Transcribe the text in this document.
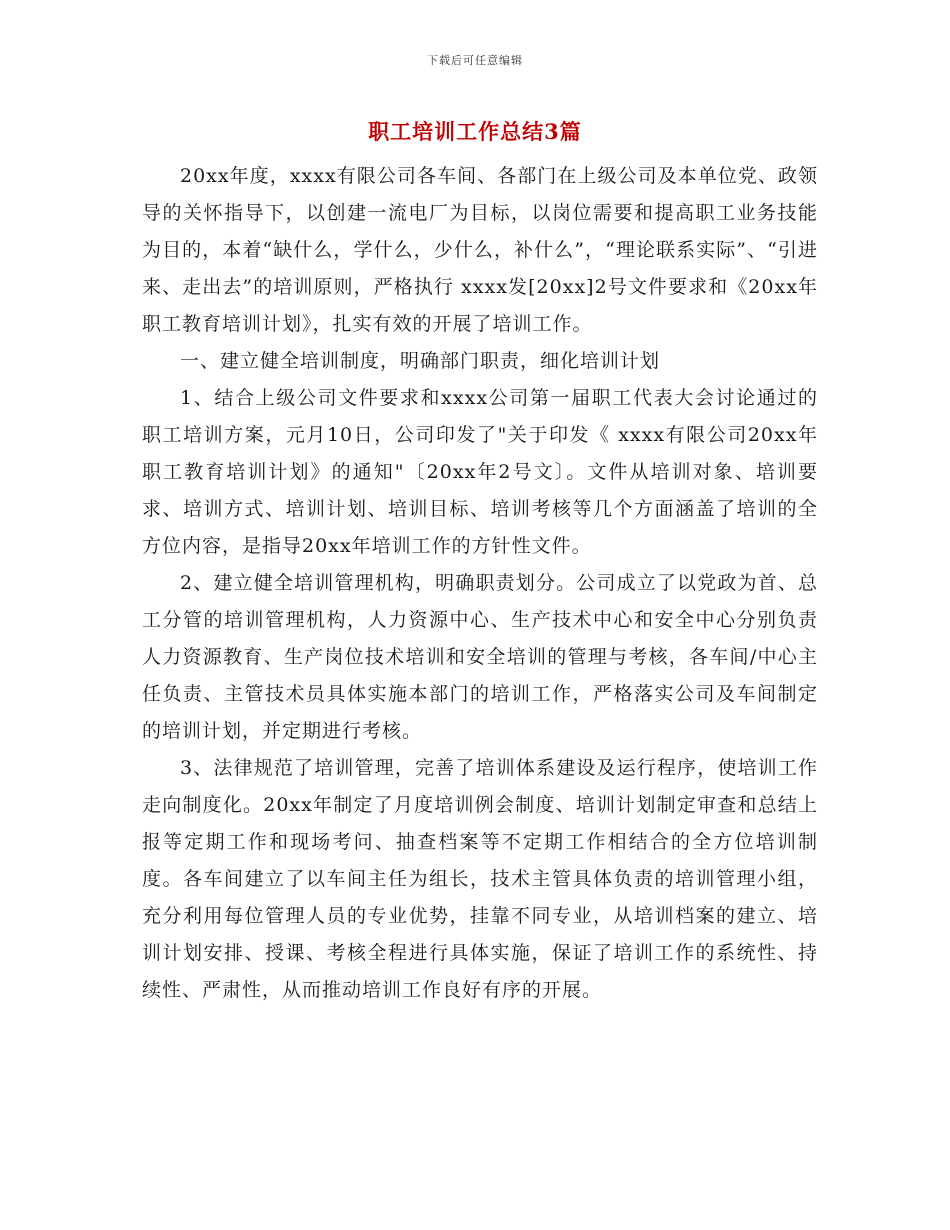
下载后可任意编辑
职工培训工作总结3篇

20xx年度，xxxx有限公司各车间、各部门在上级公司及本单位党、政领导的关怀指导下，以创建一流电厂为目标，以岗位需要和提高职工业务技能为目的，本着“缺什么，学什么，少什么，补什么”，“理论联系实际”、“引进来、走出去”的培训原则，严格执行 xxxx发[20xx]2号文件要求和《20xx年职工教育培训计划》，扎实有效的开展了培训工作。

一、建立健全培训制度，明确部门职责，细化培训计划

1、结合上级公司文件要求和xxxx公司第一届职工代表大会讨论通过的职工培训方案，元月10日，公司印发了"关于印发《 xxxx有限公司20xx年职工教育培训计划》的通知"〔20xx年2号文〕。文件从培训对象、培训要求、培训方式、培训计划、培训目标、培训考核等几个方面涵盖了培训的全方位内容，是指导20xx年培训工作的方针性文件。

2、建立健全培训管理机构，明确职责划分。公司成立了以党政为首、总工分管的培训管理机构，人力资源中心、生产技术中心和安全中心分别负责人力资源教育、生产岗位技术培训和安全培训的管理与考核，各车间/中心主任负责、主管技术员具体实施本部门的培训工作，严格落实公司及车间制定的培训计划，并定期进行考核。

3、法律规范了培训管理，完善了培训体系建设及运行程序，使培训工作走向制度化。20xx年制定了月度培训例会制度、培训计划制定审查和总结上报等定期工作和现场考问、抽查档案等不定期工作相结合的全方位培训制度。各车间建立了以车间主任为组长，技术主管具体负责的培训管理小组，充分利用每位管理人员的专业优势，挂靠不同专业，从培训档案的建立、培训计划安排、授课、考核全程进行具体实施，保证了培训工作的系统性、持续性、严肃性，从而推动培训工作良好有序的开展。
